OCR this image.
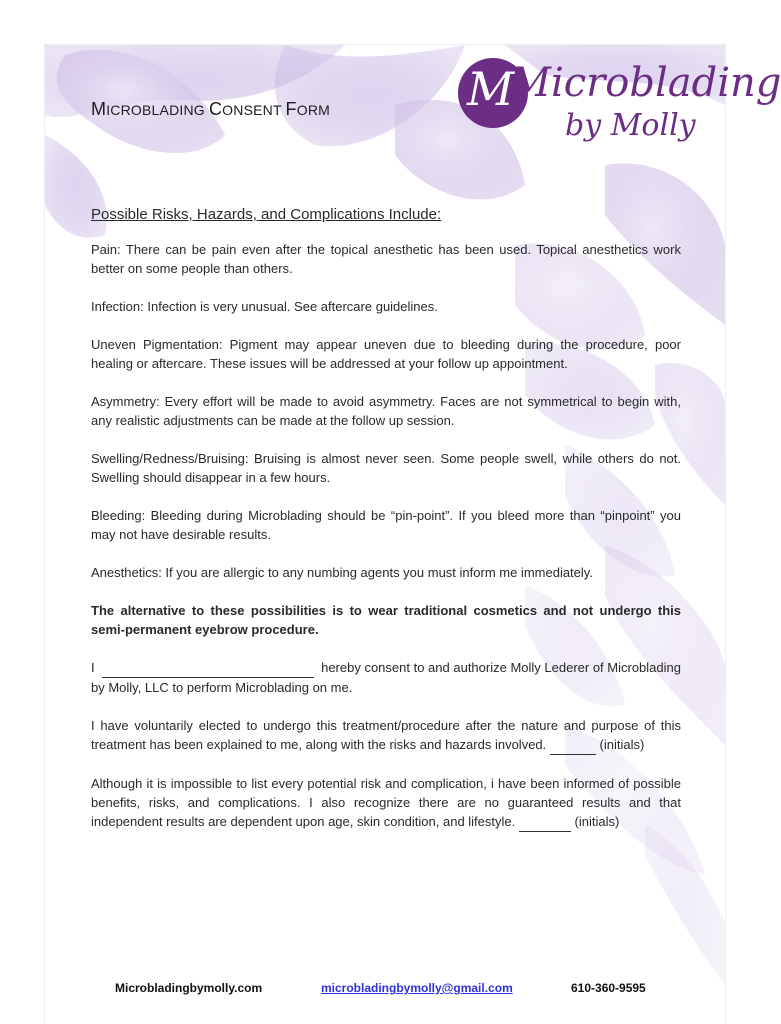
M
Microblading
by Molly
MICROBLADING CONSENT FORM
Possible Risks, Hazards, and Complications Include:

Pain: There can be pain even after the topical anesthetic has been used. Topical anesthetics work better on some people than others.

Infection: Infection is very unusual. See aftercare guidelines.

Uneven Pigmentation: Pigment may appear uneven due to bleeding during the procedure, poor healing or aftercare. These issues will be addressed at your follow up appointment.

Asymmetry: Every effort will be made to avoid asymmetry. Faces are not symmetrical to begin with, any realistic adjustments can be made at the follow up session.

Swelling/Redness/Bruising: Bruising is almost never seen. Some people swell, while others do not. Swelling should disappear in a few hours.

Bleeding: Bleeding during Microblading should be “pin-point”. If you bleed more than “pinpoint” you may not have desirable results.

Anesthetics: If you are allergic to any numbing agents you must inform me immediately.

The alternative to these possibilities is to wear traditional cosmetics and not undergo this semi-permanent eyebrow procedure.

I	hereby consent to and authorize Molly Lederer of Microblading by Molly, LLC to perform Microblading on me.

I have voluntarily elected to undergo this treatment/procedure after the nature and purpose of this treatment has been explained to me, along with the risks and hazards involved.	(initials)

Although it is impossible to list every potential risk and complication, i have been informed of possible benefits, risks, and complications. I also recognize there are no guaranteed results and that independent results are dependent upon age, skin condition, and lifestyle.	(initials)

Microbladingbymolly.com	microbladingbymolly@gmail.com	610-360-9595
